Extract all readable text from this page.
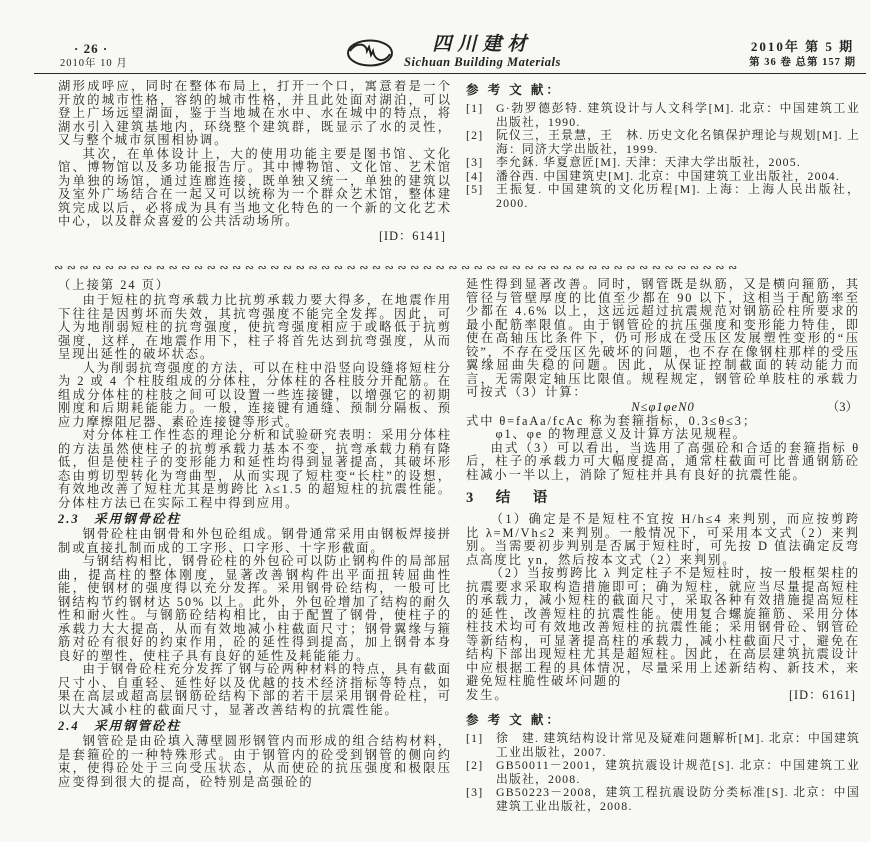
· 26 ·
2010年 10 月
四川建材
Sichuan Building Materials
2010年 第 5 期
第 36 卷 总第 157 期

湖形成呼应，同时在整体布局上，打开一个口，寓意着是一个开放的城市性格，容纳的城市性格，并且此处面对湖泊，可以登上广场远望湖面，鉴于当地城在水中、水在城中的特点，将湖水引入建筑基地内，环绕整个建筑群，既显示了水的灵性，又与整个城市氛围相协调。

其次，在单体设计上，大的使用功能主要是图书馆、文化馆、博物馆以及多功能报告厅。其中博物馆、文化馆、艺术馆为单独的场馆，通过连廊连接，既单独又统一，单独的建筑以及室外广场结合在一起又可以统称为一个群众艺术馆，整体建筑完成以后，必将成为具有当地文化特色的一个新的文化艺术中心，以及群众喜爱的公共活动场所。

[ID：6141]
参 考 文 献：
[1]	G·勃罗德彭特. 建筑设计与人文科学[M]. 北京：中国建筑工业出版社，1990.
[2]	阮仪三，王景慧，王　林. 历史文化名镇保护理论与规划[M]. 上海：同济大学出版社，1999.
[3]	李允鉌. 华夏意匠[M]. 天津：天津大学出版社，2005.
[4]	潘谷西. 中国建筑史[M]. 北京：中国建筑工业出版社，2004.
[5]	王振复. 中国建筑的文化历程[M]. 上海：上海人民出版社，2000.
∾∾∾∾∾∾∾∾∾∾∾∾∾∾∾∾∾∾∾∾∾∾∾∾∾∾∾∾∾∾∾∾∾∾∾∾∾∾∾∾∾∾∾∾∾∾∾∾∾∾∾∾∾∾
（上接第 24 页）

由于短柱的抗弯承载力比抗剪承载力要大得多，在地震作用下往往是因剪坏而失效，其抗弯强度不能完全发挥。因此，可人为地削弱短柱的抗弯强度，使抗弯强度相应于或略低于抗剪强度，这样，在地震作用下，柱子将首先达到抗弯强度，从而呈现出延性的破坏状态。

人为削弱抗弯强度的方法，可以在柱中沿竖向设缝将短柱分为 2 或 4 个柱肢组成的分体柱，分体柱的各柱肢分开配筋。在组成分体柱的柱肢之间可以设置一些连接键，以增强它的初期刚度和后期耗能能力。一般，连接键有通缝、预制分隔板、预应力摩擦阻尼器、素砼连接键等形式。

对分体柱工作性态的理论分析和试验研究表明：采用分体柱的方法虽然使柱子的抗剪承载力基本不变，抗弯承载力稍有降低，但是使柱子的变形能力和延性均得到显著提高，其破坏形态由剪切型转化为弯曲型，从而实现了短柱变“长柱”的设想，有效地改善了短柱尤其是剪跨比 λ≤1.5 的超短柱的抗震性能。分体柱方法已在实际工程中得到应用。

2.3　采用钢骨砼柱

钢骨砼柱由钢骨和外包砼组成。钢骨通常采用由钢板焊接拼制或直接扎制而成的工字形、口字形、十字形截面。

与钢结构相比，钢骨砼柱的外包砼可以防止钢构件的局部屈曲，提高柱的整体刚度，显著改善钢构件出平面扭转屈曲性能，使钢材的强度得以充分发挥。采用钢骨砼结构，一般可比钢结构节约钢材达 50% 以上。此外，外包砼增加了结构的耐久性和耐火性。与钢筋砼结构相比，由于配置了钢骨，使柱子的承载力大大提高，从而有效地减小柱截面尺寸；钢骨翼缘与箍筋对砼有很好的约束作用，砼的延性得到提高，加上钢骨本身良好的塑性，使柱子具有良好的延性及耗能能力。

由于钢骨砼柱充分发挥了钢与砼两种材料的特点，具有截面尺寸小、自重轻、延性好以及优越的技术经济指标等特点，如果在高层或超高层钢筋砼结构下部的若干层采用钢骨砼柱，可以大大减小柱的截面尺寸，显著改善结构的抗震性能。

2.4　采用钢管砼柱

钢管砼是由砼填入薄壁圆形钢管内而形成的组合结构材料，是套箍砼的一种特殊形式。由于钢管内的砼受到钢管的侧向约束，使得砼处于三向受压状态，从而使砼的抗压强度和极限压应变得到很大的提高，砼特别是高强砼的

延性得到显著改善。同时，钢管既是纵筋，又是横向箍筋，其管径与管壁厚度的比值至少都在 90 以下，这相当于配筋率至少都在 4.6% 以上，这远远超过抗震规范对钢筋砼柱所要求的最小配筋率限值。由于钢管砼的抗压强度和变形能力特佳，即使在高轴压比条件下，仍可形成在受压区发展塑性变形的“压铰”，不存在受压区先破坏的问题，也不存在像钢柱那样的受压翼缘屈曲失稳的问题。因此，从保证控制截面的转动能力而言，无需限定轴压比限值。规程规定，钢管砼单肢柱的承载力可按式（3）计算：

N≤φ1φeN0	（3）

式中 θ=faAa/fcAc 称为套箍指标，0.3≤θ≤3；

φ1、φe 的物理意义及计算方法见规程。

由式（3）可以看出，当选用了高强砼和合适的套箍指标 θ 后，柱子的承载力可大幅度提高，通常柱截面可比普通钢筋砼柱减小一半以上，消除了短柱并具有良好的抗震性能。

3　结　语

（1）确定是不是短柱不宜按 H/h≤4 来判别，而应按剪跨比 λ=M/Vh≤2 来判别。一般情况下，可采用本文式（2）来判别。当需要初步判别是否属于短柱时，可先按 D 值法确定反弯点高度比 yn，然后按本文式（2）来判别。

（2）当按剪跨比 λ 判定柱子不是短柱时，按一般框架柱的抗震要求采取构造措施即可；确为短柱，就应当尽量提高短柱的承载力，减小短柱的截面尺寸，采取各种有效措施提高短柱的延性，改善短柱的抗震性能。使用复合螺旋箍筋、采用分体柱技术均可有效地改善短柱的抗震性能；采用钢骨砼、钢管砼等新结构，可显著提高柱的承载力，减小柱截面尺寸，避免在结构下部出现短柱尤其是超短柱。因此，在高层建筑抗震设计中应根据工程的具体情况，尽量采用上述新结构、新技术，来避免短柱脆性破坏问题的

发生。	[ID：6161]
参 考 文 献：
[1]	徐　建. 建筑结构设计常见及疑难问题解析[M]. 北京：中国建筑工业出版社，2007.
[2]	GB50011－2001，建筑抗震设计规范[S]. 北京：中国建筑工业出版社，2008.
[3]	GB50223－2008，建筑工程抗震设防分类标准[S]. 北京：中国建筑工业出版社，2008.
